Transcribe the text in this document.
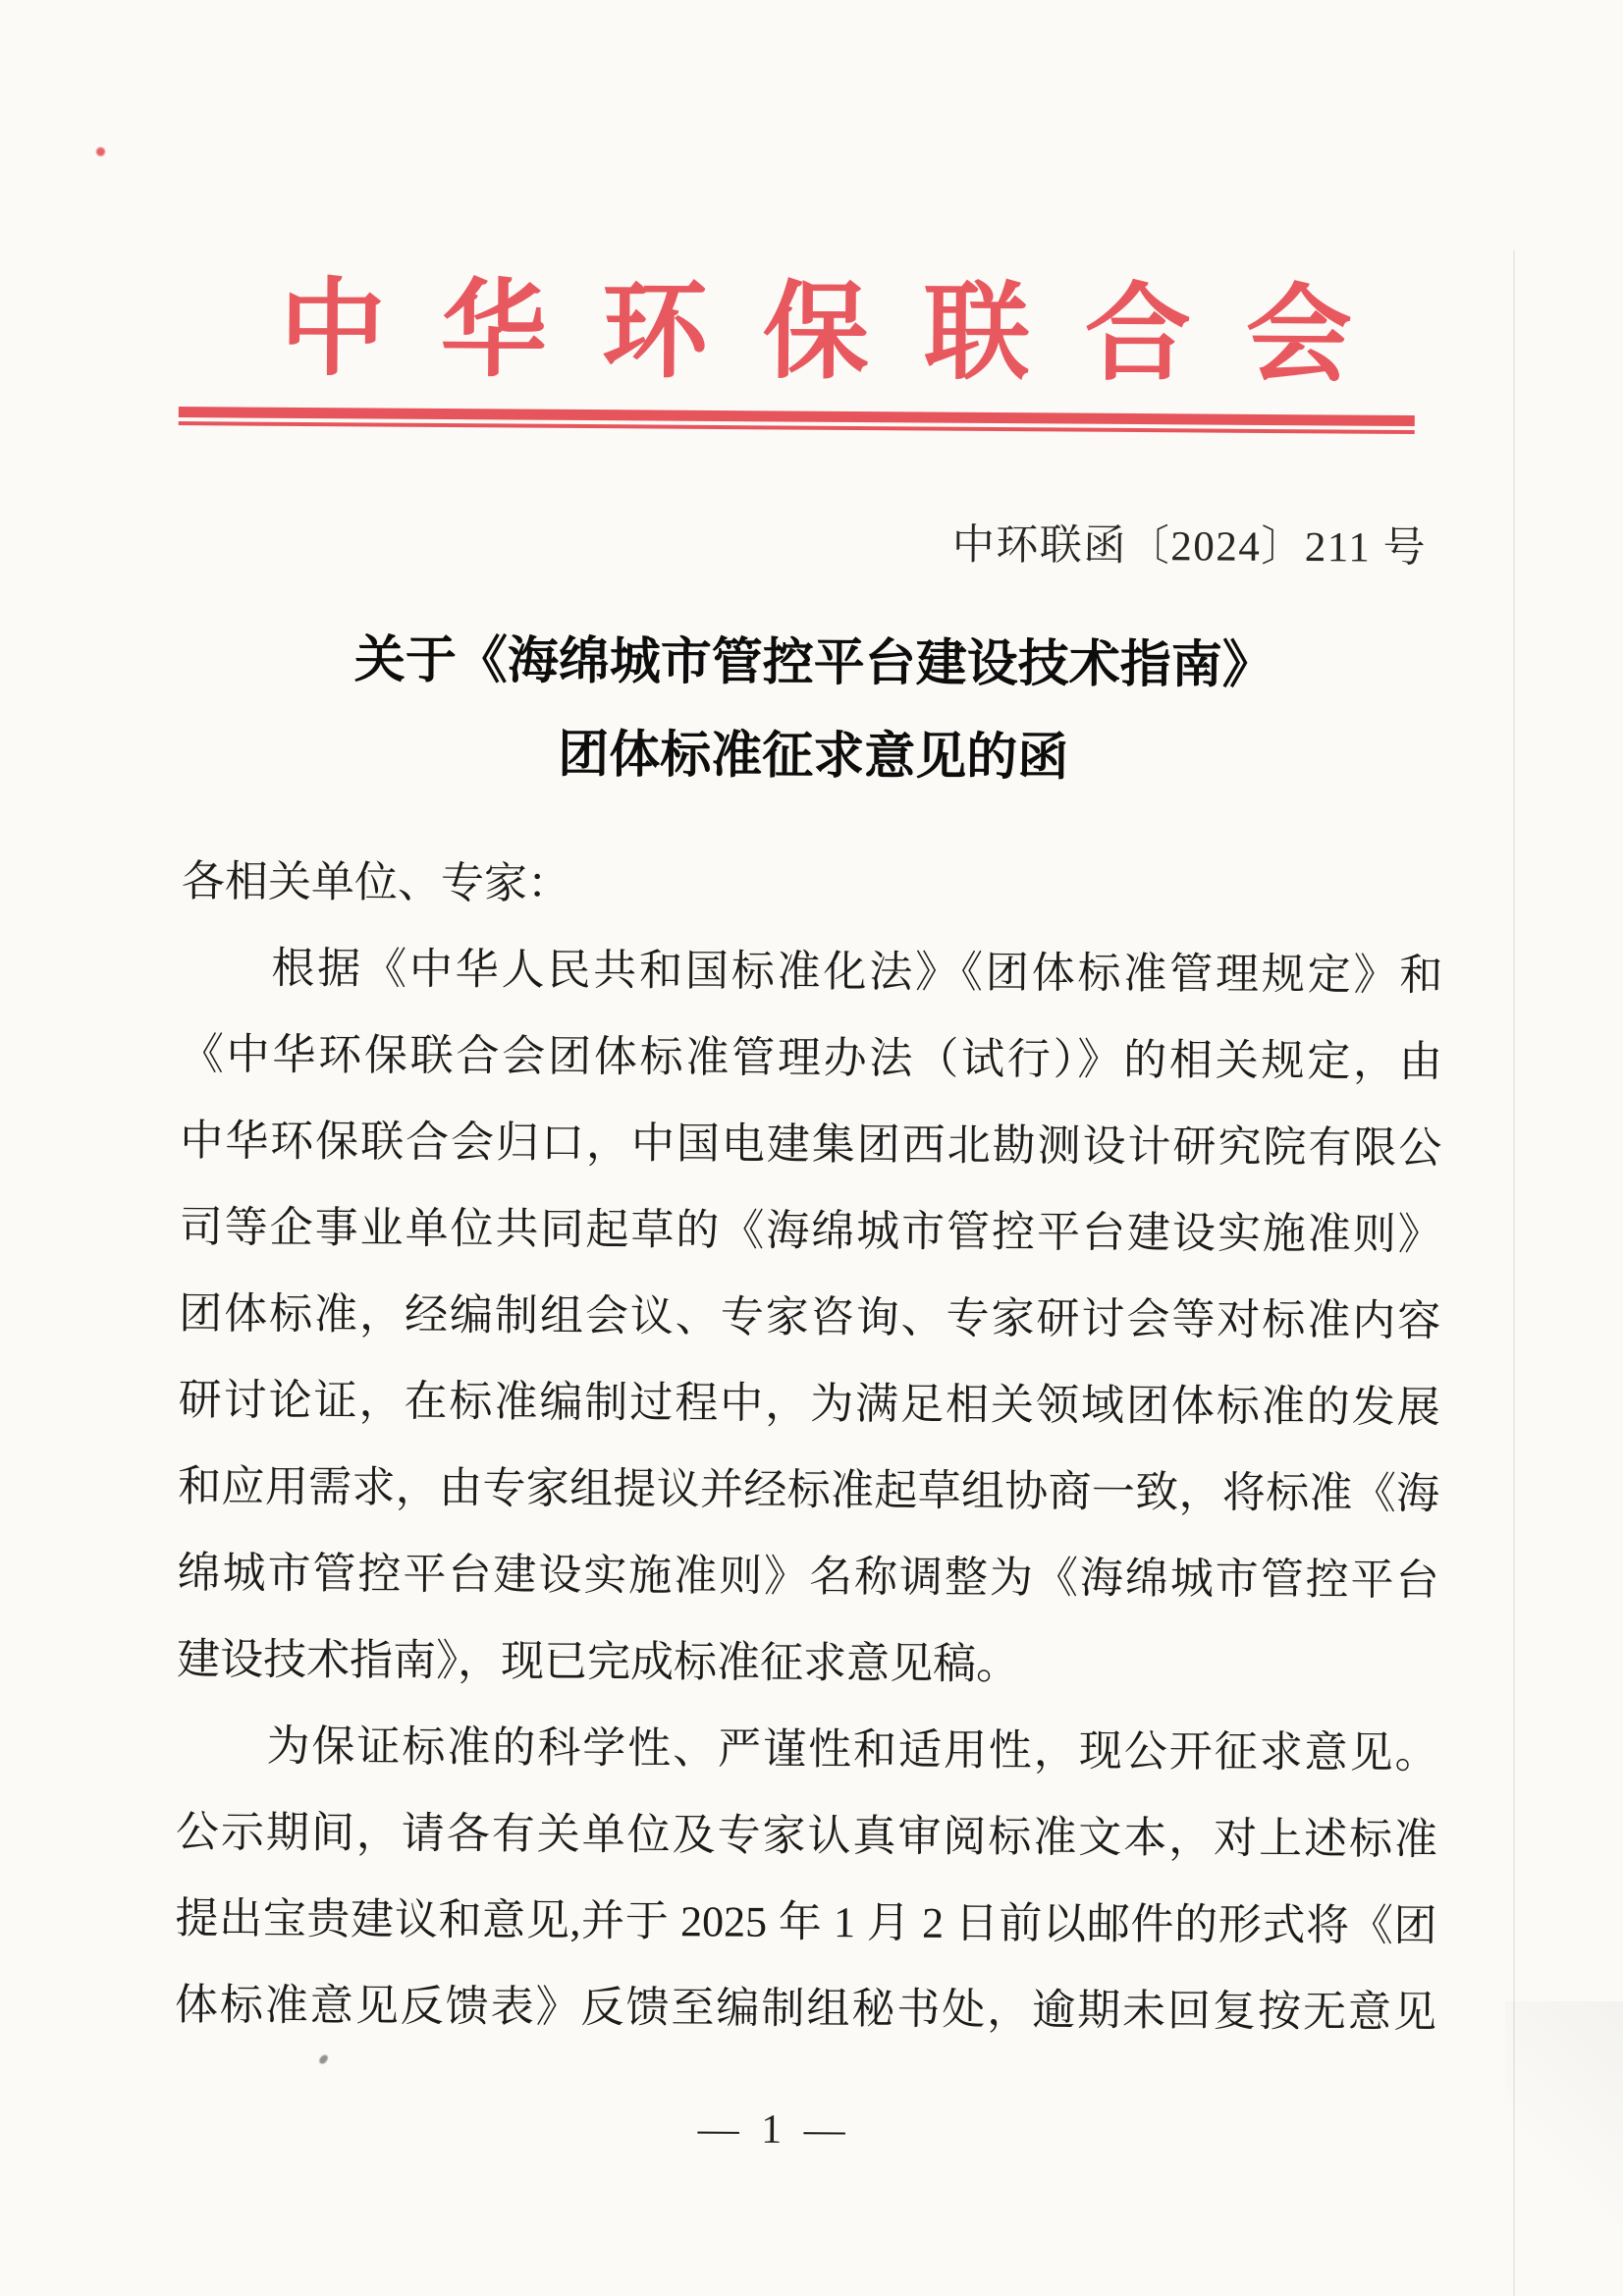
中华环保联合会
中环联函〔2024〕211 号
关于《海绵城市管控平台建设技术指南》
团体标准征求意见的函
各相关单位、专家：
根据《中华人民共和国标准化法》《团体标准管理规定》和
《中华环保联合会团体标准管理办法（试行）》的相关规定，由
中华环保联合会归口，中国电建集团西北勘测设计研究院有限公
司等企事业单位共同起草的《海绵城市管控平台建设实施准则》
团体标准，经编制组会议、专家咨询、专家研讨会等对标准内容
研讨论证，在标准编制过程中，为满足相关领域团体标准的发展
和应用需求，由专家组提议并经标准起草组协商一致，将标准《海
绵城市管控平台建设实施准则》名称调整为《海绵城市管控平台
建设技术指南》，现已完成标准征求意见稿。
为保证标准的科学性、严谨性和适用性，现公开征求意见。
公示期间，请各有关单位及专家认真审阅标准文本，对上述标准
提出宝贵建议和意见,并于 2025 年 1 月 2 日前以邮件的形式将《团
体标准意见反馈表》反馈至编制组秘书处，逾期未回复按无意见
— 1 —
